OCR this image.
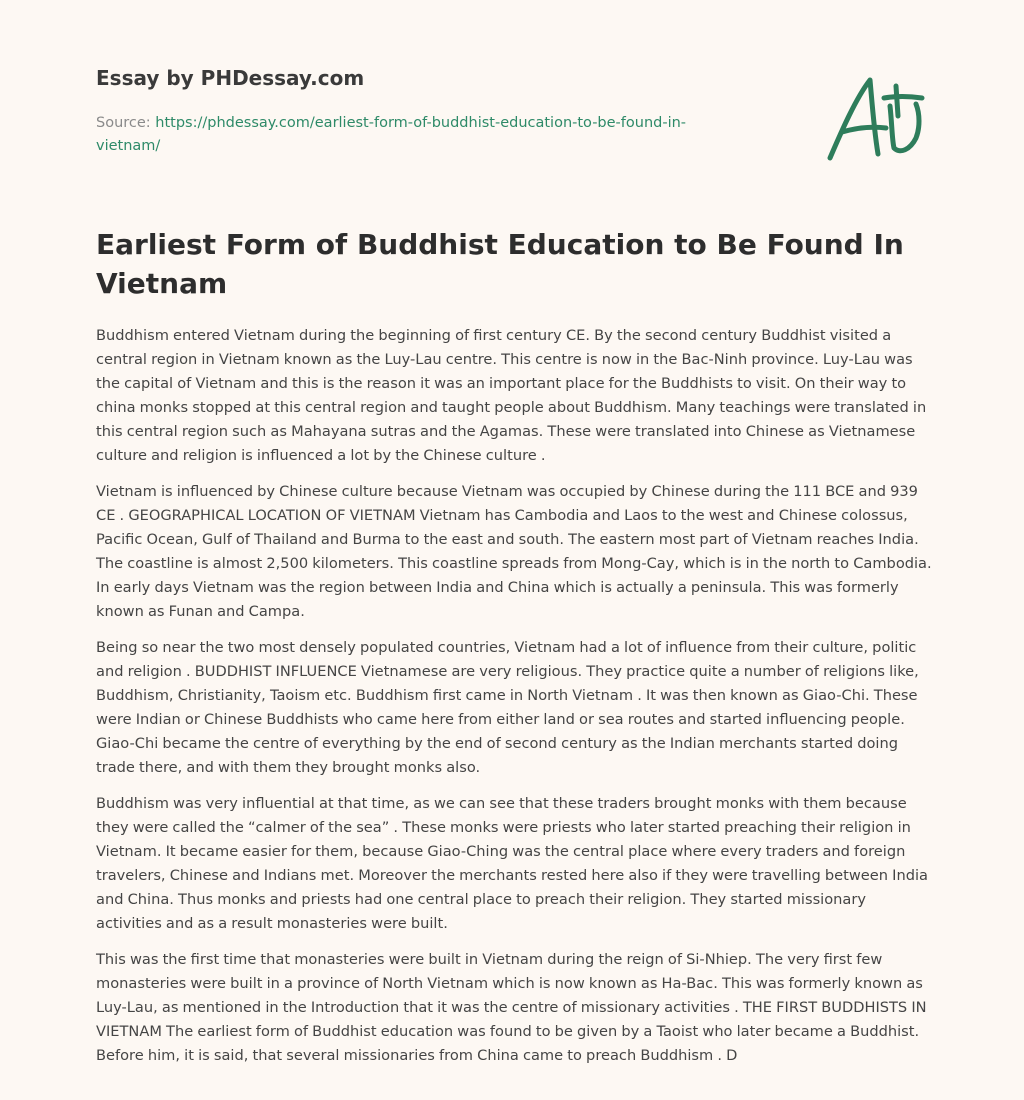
Essay by PHDessay.com
Source: https://phdessay.com/earliest-form-of-buddhist-education-to-be-found-in-vietnam/
Earliest Form of Buddhist Education to Be Found In Vietnam

Buddhism entered Vietnam during the beginning of first century CE. By the second century Buddhist visited a central region in Vietnam known as the Luy-Lau centre. This centre is now in the Bac-Ninh province. Luy-Lau was the capital of Vietnam and this is the reason it was an important place for the Buddhists to visit. On their way to china monks stopped at this central region and taught people about Buddhism. Many teachings were translated in this central region such as Mahayana sutras and the Agamas. These were translated into Chinese as Vietnamese culture and religion is influenced a lot by the Chinese culture .

Vietnam is influenced by Chinese culture because Vietnam was occupied by Chinese during the 111 BCE and 939 CE . GEOGRAPHICAL LOCATION OF VIETNAM Vietnam has Cambodia and Laos to the west and Chinese colossus, Pacific Ocean, Gulf of Thailand and Burma to the east and south. The eastern most part of Vietnam reaches India. The coastline is almost 2,500 kilometers. This coastline spreads from Mong-Cay, which is in the north to Cambodia. In early days Vietnam was the region between India and China which is actually a peninsula. This was formerly known as Funan and Campa.

Being so near the two most densely populated countries, Vietnam had a lot of influence from their culture, politic and religion . BUDDHIST INFLUENCE Vietnamese are very religious. They practice quite a number of religions like, Buddhism, Christianity, Taoism etc. Buddhism first came in North Vietnam . It was then known as Giao-Chi. These were Indian or Chinese Buddhists who came here from either land or sea routes and started influencing people. Giao-Chi became the centre of everything by the end of second century as the Indian merchants started doing trade there, and with them they brought monks also.

Buddhism was very influential at that time, as we can see that these traders brought monks with them because they were called the “calmer of the sea” . These monks were priests who later started preaching their religion in Vietnam. It became easier for them, because Giao-Ching was the central place where every traders and foreign travelers, Chinese and Indians met. Moreover the merchants rested here also if they were travelling between India and China. Thus monks and priests had one central place to preach their religion. They started missionary activities and as a result monasteries were built.

This was the first time that monasteries were built in Vietnam during the reign of Si-Nhiep. The very first few monasteries were built in a province of North Vietnam which is now known as Ha-Bac. This was formerly known as Luy-Lau, as mentioned in the Introduction that it was the centre of missionary activities . THE FIRST BUDDHISTS IN VIETNAM The earliest form of Buddhist education was found to be given by a Taoist who later became a Buddhist. Before him, it is said, that several missionaries from China came to preach Buddhism . D
